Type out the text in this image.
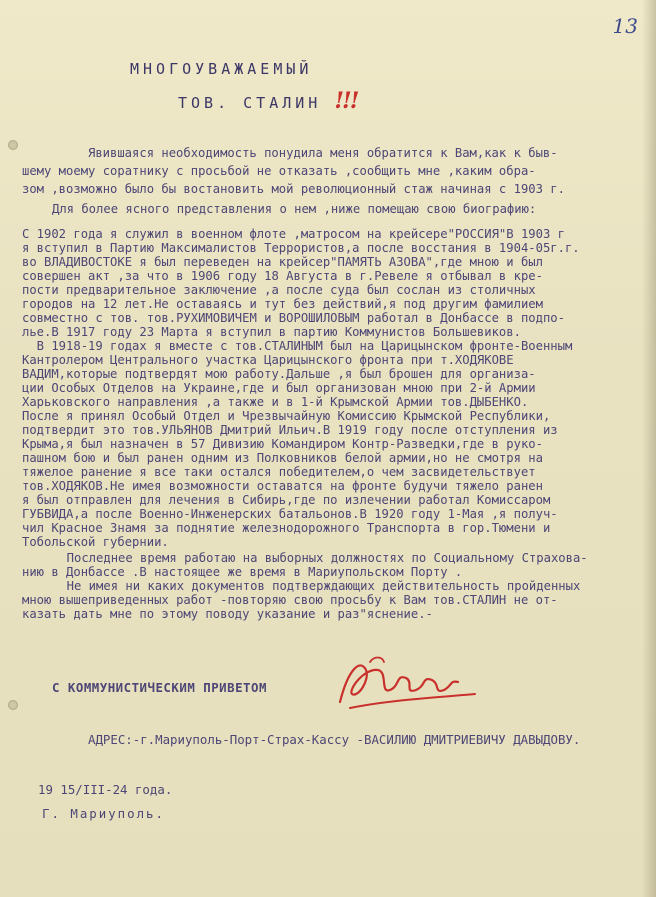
13
МНОГОУВАЖАЕМЫЙ
ТОВ. СТАЛИН !!!
Явившаяся необходимость понудила меня обратится к Вам,как к быв-
шему моему соратнику с просьбой не отказать ,сообщить мне ,каким обра-
зом ,возможно было бы востановить мой революционный стаж начиная с 1903 г.
Для более ясного представления о нем ,ниже помещаю свою биографию:
С 1902 года я служил в военном флоте ,матросом на крейсере"РОССИЯ"В 1903 г
я вступил в Партию Максималистов Террористов,а после восстания в 1904-05г.г.
во ВЛАДИВОСТОКЕ я был переведен на крейсер"ПАМЯТЬ АЗОВА",где мною и был
совершен акт ,за что в 1906 году 18 Августа в г.Ревеле я отбывал в кре-
пости предварительное заключение ,а после суда был сослан из столичных
городов на 12 лет.Не оставаясь и тут без действий,я под другим фамилием
совместно с тов. тов.РУХИМОВИЧЕМ и ВОРОШИЛОВЫМ работал в Донбассе в подпо-
лье.В 1917 году 23 Марта я вступил в партию Коммунистов Большевиков.
В 1918-19 годах я вместе с тов.СТАЛИНЫМ был на Царицынском фронте-Военным
Кантролером Центрального участка Царицынского фронта при т.ХОДЯКОВЕ
ВАДИМ,которые подтвердят мою работу.Дальше ,я был брошен для организа-
ции Особых Отделов на Украине,где и был организован мною при 2-й Армии
Харьковского направления ,а также и в 1-й Крымской Армии тов.ДЫБЕНКО.
После я принял Особый Отдел и Чрезвычайную Комиссию Крымской Республики,
подтвердит это тов.УЛЬЯНОВ Дмитрий Ильич.В 1919 году после отступления из
Крыма,я был назначен в 57 Дивизию Командиром Контр-Разведки,где в руко-
пашном бою и был ранен одним из Полковников белой армии,но не смотря на
тяжелое ранение я все таки остался победителем,о чем засвидетельствует
тов.ХОДЯКОВ.Не имея возможности оставатся на фронте будучи тяжело ранен
я был отправлен для лечения в Сибирь,где по излечении работал Комиссаром
ГУБВИДА,а после Военно-Инженерских батальонов.В 1920 году 1-Мая ,я получ-
чил Красное Знамя за поднятие железнодорожного Транспорта в гор.Тюмени и
Тобольской губернии.
Последнее время работаю на выборных должностях по Социальному Страхова-
нию в Донбассе .В настоящее же время в Мариупольском Порту .
Не имея ни каких документов подтверждающих действительность пройденных
мною вышеприведенных работ -повторяю свою просьбу к Вам тов.СТАЛИН не от-
казать дать мне по этому поводу указание и раз"яснение.-
С КОММУНИСТИЧЕСКИМ ПРИВЕТОМ
АДРЕС:-г.Мариуполь-Порт-Страх-Кассу -ВАСИЛИЮ ДМИТРИЕВИЧУ ДАВЫДОВУ.
19 15/III-24 года.
Г. Мариуполь.
